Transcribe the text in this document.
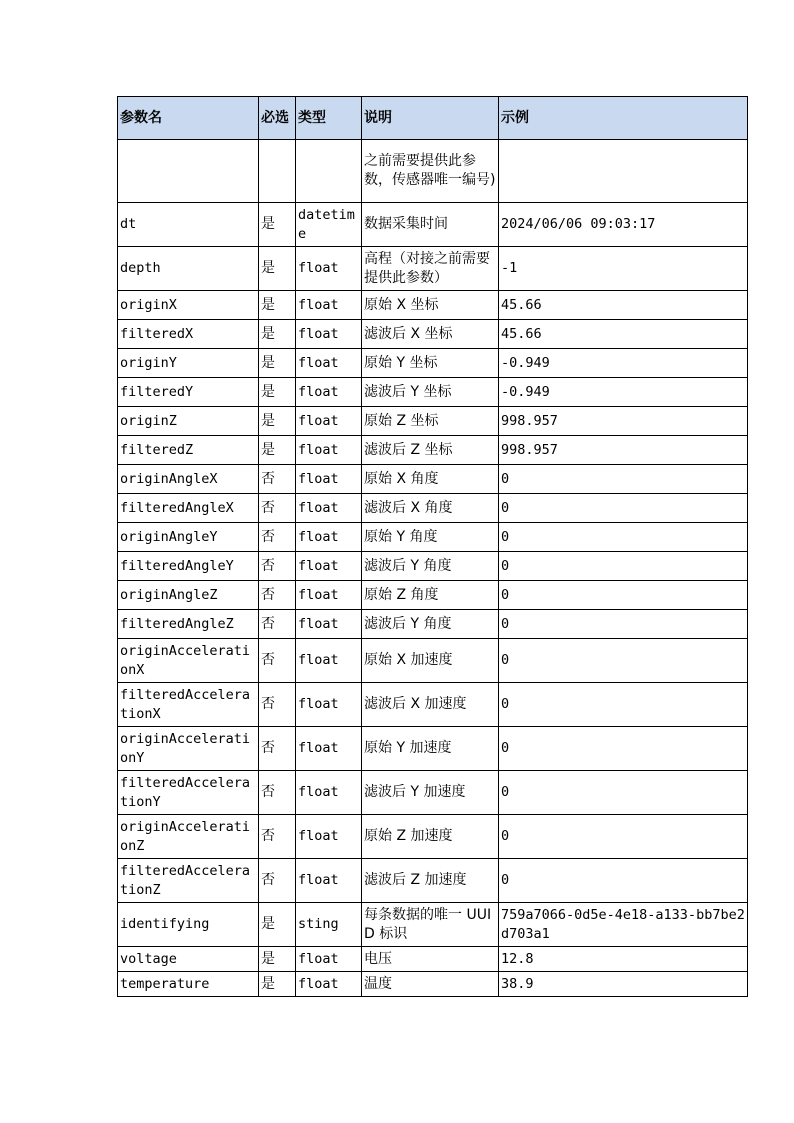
参数名	必选	类型	说明	示例
			之前需要提供此参数，传感器唯一编号)	
dt	是	datetime	数据采集时间	2024/06/06 09:03:17
depth	是	float	高程（对接之前需要提供此参数）	-1
originX	是	float	原始 X 坐标	45.66
filteredX	是	float	滤波后 X 坐标	45.66
originY	是	float	原始 Y 坐标	-0.949
filteredY	是	float	滤波后 Y 坐标	-0.949
originZ	是	float	原始 Z 坐标	998.957
filteredZ	是	float	滤波后 Z 坐标	998.957
originAngleX	否	float	原始 X 角度	0
filteredAngleX	否	float	滤波后 X 角度	0
originAngleY	否	float	原始 Y 角度	0
filteredAngleY	否	float	滤波后 Y 角度	0
originAngleZ	否	float	原始 Z 角度	0
filteredAngleZ	否	float	滤波后 Y 角度	0
originAccelerationX	否	float	原始 X 加速度	0
filteredAccelerationX	否	float	滤波后 X 加速度	0
originAccelerationY	否	float	原始 Y 加速度	0
filteredAccelerationY	否	float	滤波后 Y 加速度	0
originAccelerationZ	否	float	原始 Z 加速度	0
filteredAccelerationZ	否	float	滤波后 Z 加速度	0
identifying	是	sting	每条数据的唯一 UUID 标识	759a7066-0d5e-4e18-a133-bb7be2d703a1
voltage	是	float	电压	12.8
temperature	是	float	温度	38.9
